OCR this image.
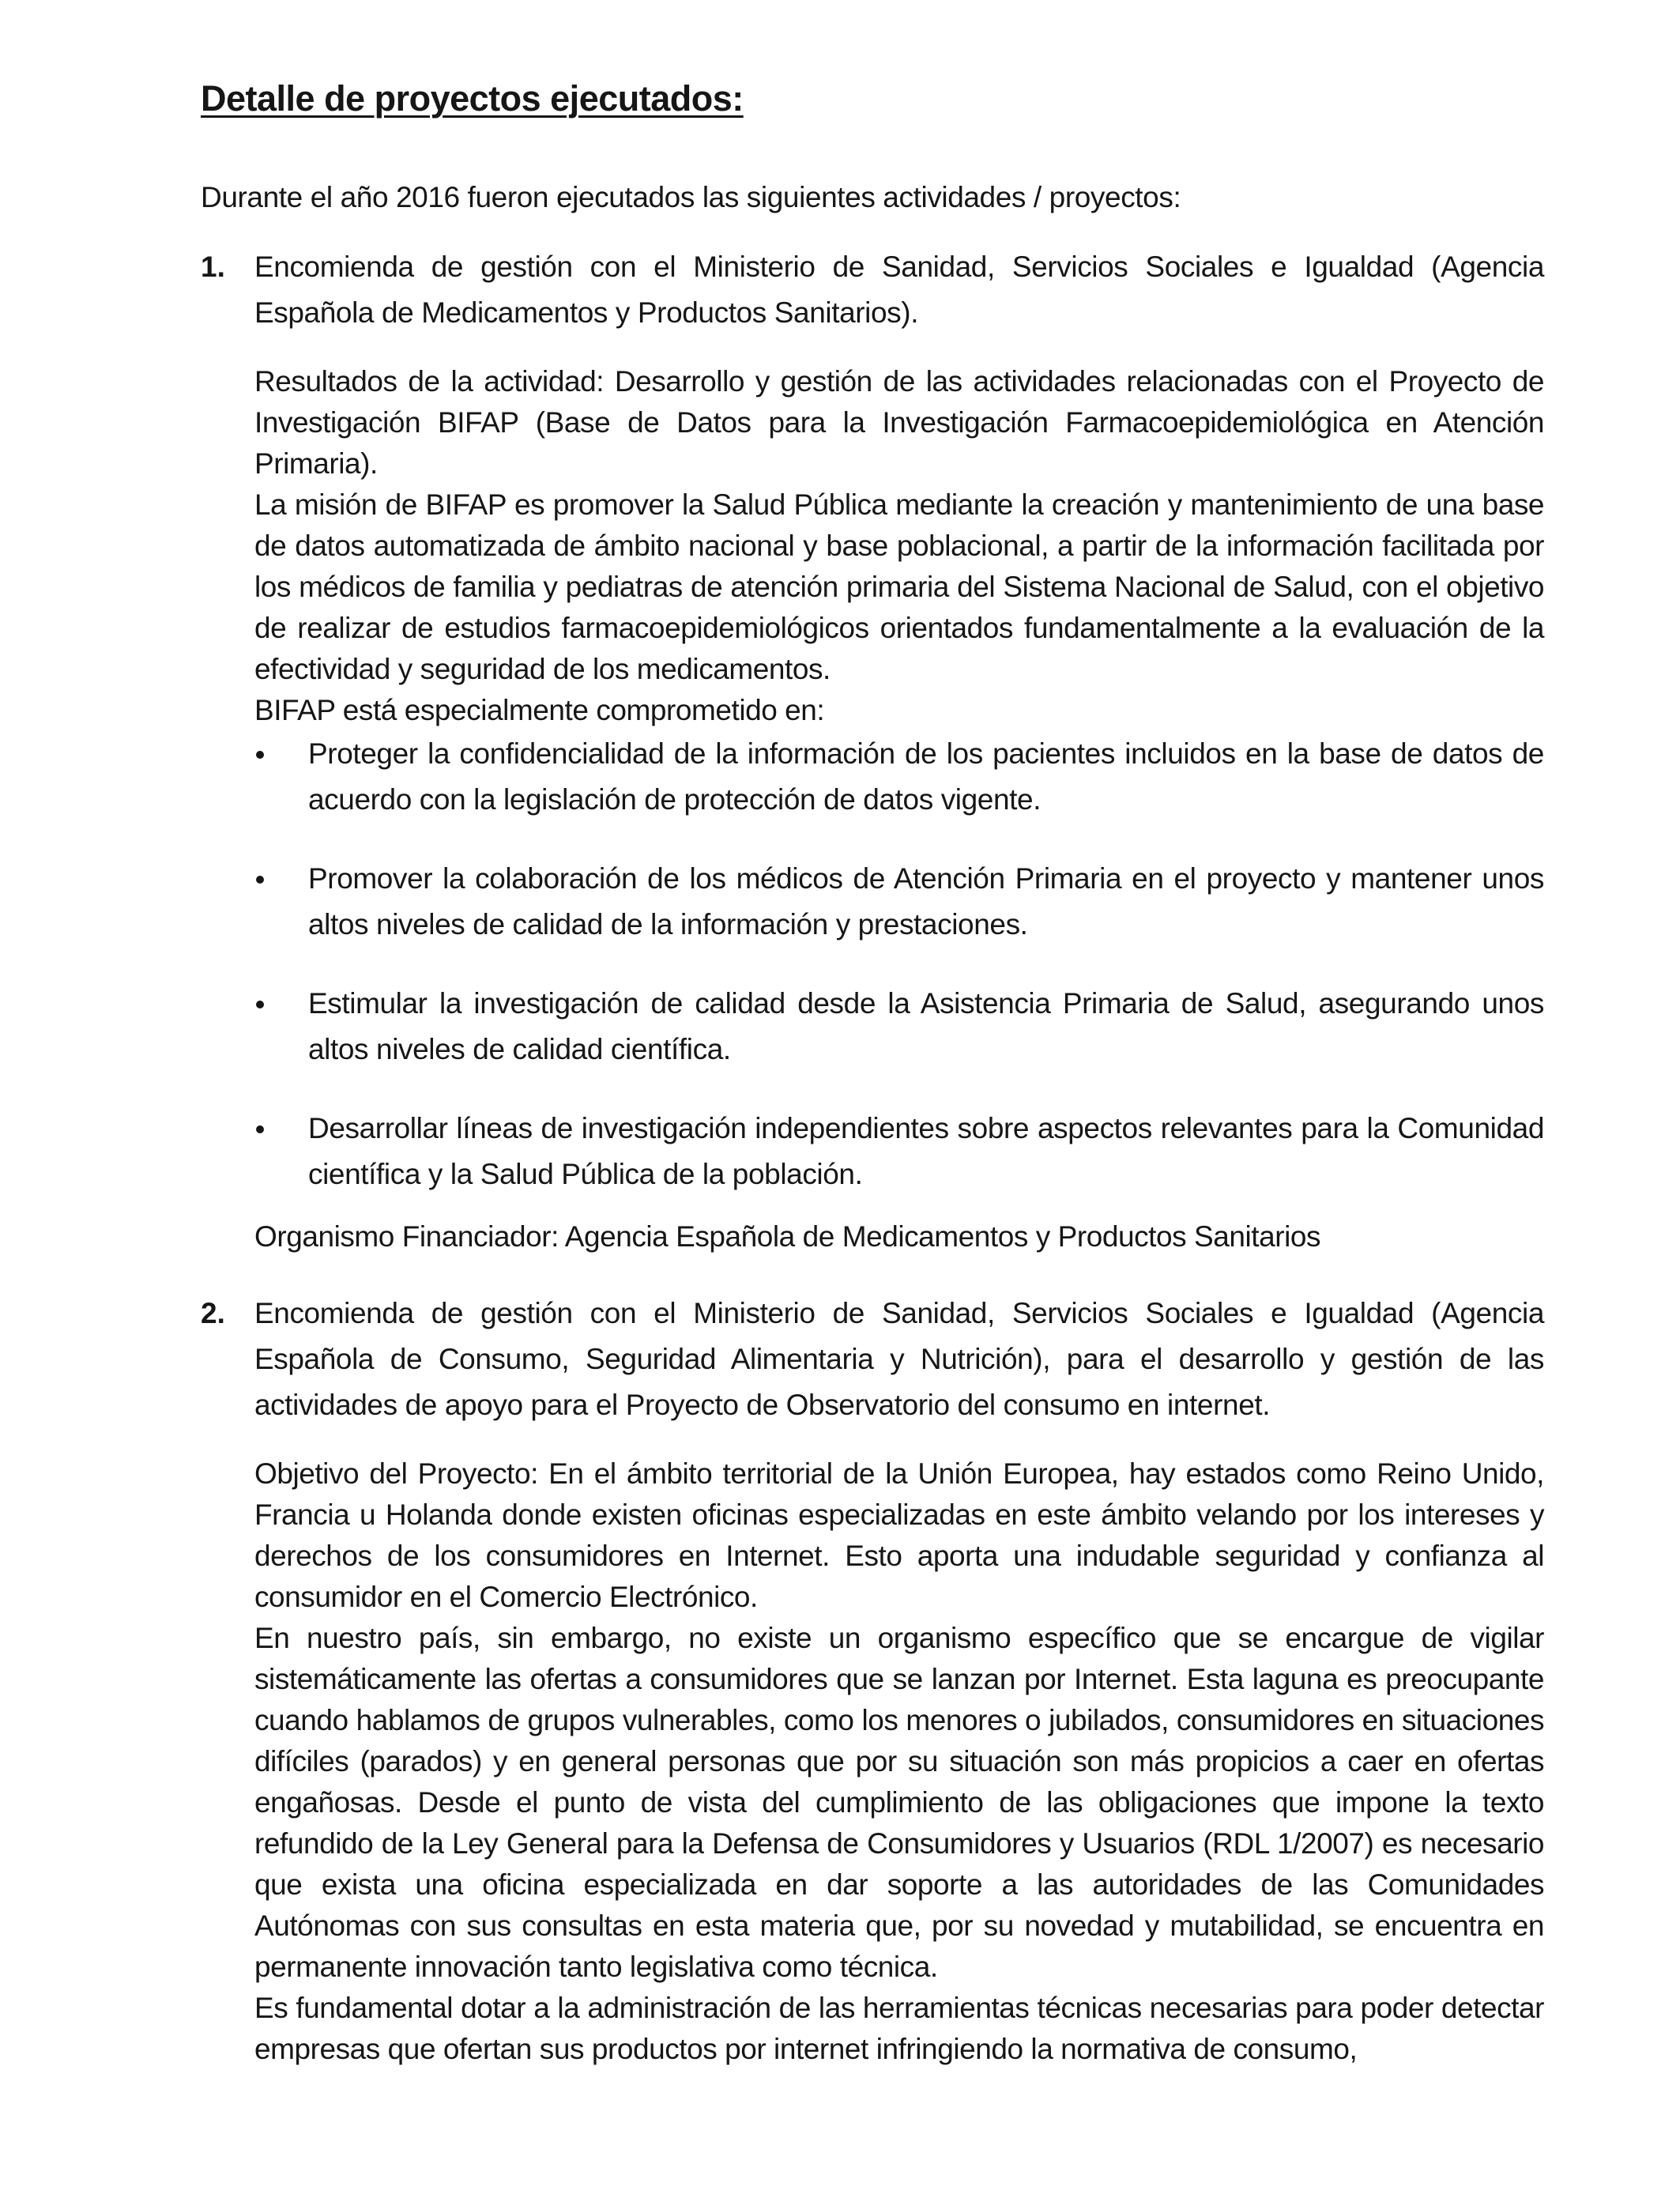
Detalle de proyectos ejecutados:
Durante el año 2016 fueron ejecutados las siguientes actividades / proyectos:
1. Encomienda de gestión con el Ministerio de Sanidad, Servicios Sociales e Igualdad (Agencia Española de Medicamentos y Productos Sanitarios).
Resultados de la actividad: Desarrollo y gestión de las actividades relacionadas con el Proyecto de Investigación BIFAP (Base de Datos para la Investigación Farmacoepidemiológica en Atención Primaria).
La misión de BIFAP es promover la Salud Pública mediante la creación y mantenimiento de una base de datos automatizada de ámbito nacional y base poblacional, a partir de la información facilitada por los médicos de familia y pediatras de atención primaria del Sistema Nacional de Salud, con el objetivo de realizar de estudios farmacoepidemiológicos orientados fundamentalmente a la evaluación de la efectividad y seguridad de los medicamentos.
BIFAP está especialmente comprometido en:
Proteger la confidencialidad de la información de los pacientes incluidos en la base de datos de acuerdo con la legislación de protección de datos vigente.
Promover la colaboración de los médicos de Atención Primaria en el proyecto y mantener unos altos niveles de calidad de la información y prestaciones.
Estimular la investigación de calidad desde la Asistencia Primaria de Salud, asegurando unos altos niveles de calidad científica.
Desarrollar líneas de investigación independientes sobre aspectos relevantes para la Comunidad científica y la Salud Pública de la población.
Organismo Financiador: Agencia Española de Medicamentos y Productos Sanitarios
2. Encomienda de gestión con el Ministerio de Sanidad, Servicios Sociales e Igualdad (Agencia Española de Consumo, Seguridad Alimentaria y Nutrición), para el desarrollo y gestión de las actividades de apoyo para el Proyecto de Observatorio del consumo en internet.
Objetivo del Proyecto: En el ámbito territorial de la Unión Europea, hay estados como Reino Unido, Francia u Holanda donde existen oficinas especializadas en este ámbito velando por los intereses y derechos de los consumidores en Internet. Esto aporta una indudable seguridad y confianza al consumidor en el Comercio Electrónico.
En nuestro país, sin embargo, no existe un organismo específico que se encargue de vigilar sistemáticamente las ofertas a consumidores que se lanzan por Internet. Esta laguna es preocupante cuando hablamos de grupos vulnerables, como los menores o jubilados, consumidores en situaciones difíciles (parados) y en general personas que por su situación son más propicios a caer en ofertas engañosas. Desde el punto de vista del cumplimiento de las obligaciones que impone la texto refundido de la Ley General para la Defensa de Consumidores y Usuarios (RDL 1/2007) es necesario que exista una oficina especializada en dar soporte a las autoridades de las Comunidades Autónomas con sus consultas en esta materia que, por su novedad y mutabilidad, se encuentra en permanente innovación tanto legislativa como técnica.
Es fundamental dotar a la administración de las herramientas técnicas necesarias para poder detectar empresas que ofertan sus productos por internet infringiendo la normativa de consumo,
